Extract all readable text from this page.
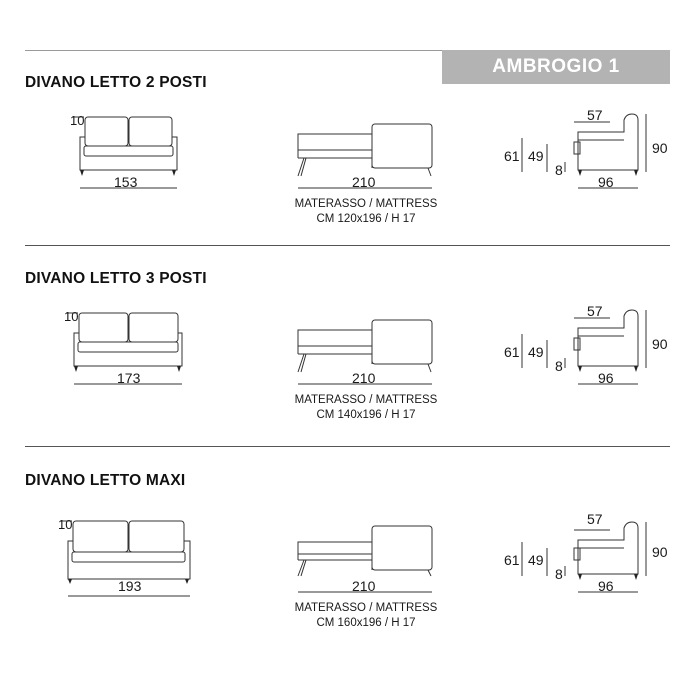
AMBROGIO 1
DIVANO LETTO 2 POSTI
10
153	210
MATERASSO / MATTRESS
CM 120x196 / H 17
57
90
61 49
8
96
DIVANO LETTO 3 POSTI
10
173	210
MATERASSO / MATTRESS
CM 140x196 / H 17
57
90
61 49
8
96
DIVANO LETTO MAXI
10
193	210
MATERASSO / MATTRESS
CM 160x196 / H 17
57
90
61 49
8
96
